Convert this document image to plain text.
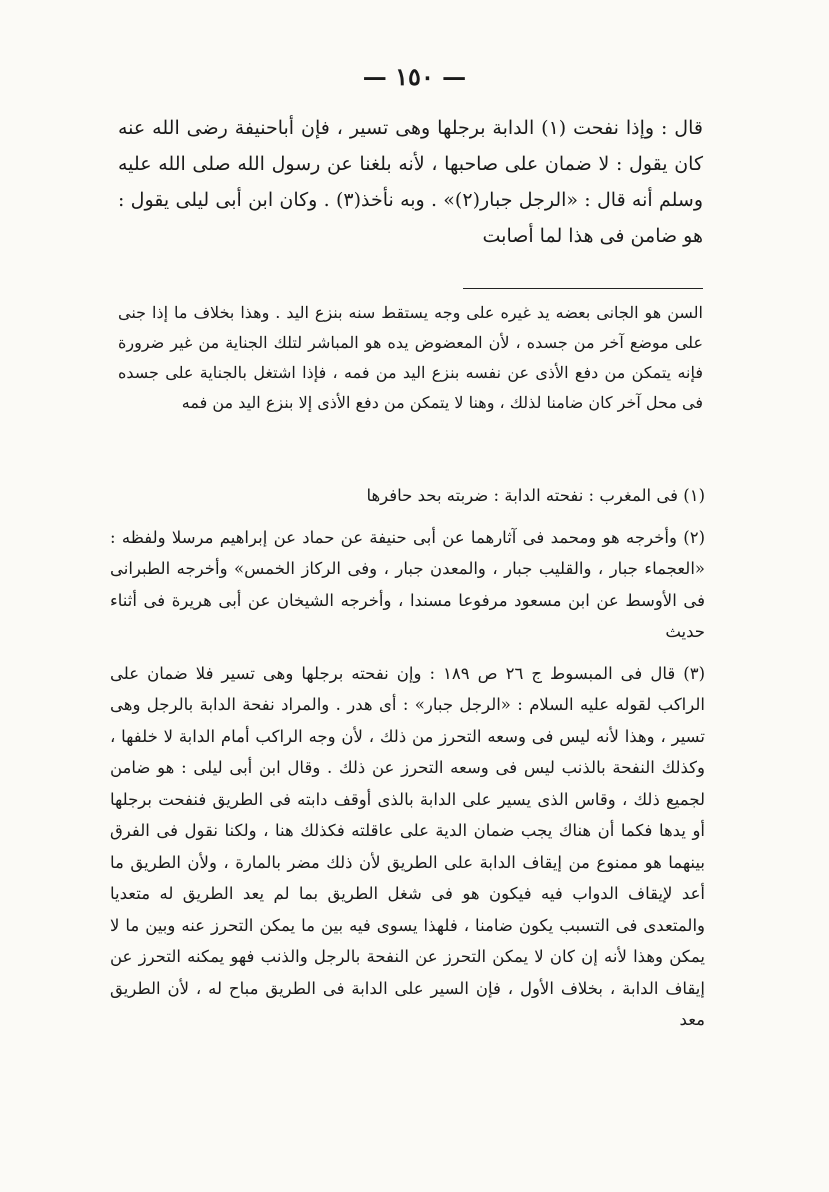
— ١٥٠ —

قال : وإذا نفحت (١) الدابة برجلها وهى تسير ، فإن أباحنيفة رضى الله عنه كان يقول : لا ضمان على صاحبها ، لأنه بلغنا عن رسول الله صلى الله عليه وسلم أنه قال : «الرجل جبار(٢)» . وبه نأخذ(٣) . وكان ابن أبى ليلى يقول : هو ضامن فى هذا لما أصابت

السن هو الجانى بعضه يد غيره على وجه يستقط سنه بنزع اليد . وهذا بخلاف ما إذا جنى على موضع آخر من جسده ، لأن المعضوض يده هو المباشر لتلك الجناية من غير ضرورة فإنه يتمكن من دفع الأذى عن نفسه بنزع اليد من فمه ، فإذا اشتغل بالجناية على جسده فى محل آخر كان ضامنا لذلك ، وهنا لا يتمكن من دفع الأذى إلا بنزع اليد من فمه

(١) فى المغرب : نفحته الدابة : ضربته بحد حافرها

(٢) وأخرجه هو ومحمد فى آثارهما عن أبى حنيفة عن حماد عن إبراهيم مرسلا ولفظه : «العجماء جبار ، والقليب جبار ، والمعدن جبار ، وفى الركاز الخمس» وأخرجه الطبرانى فى الأوسط عن ابن مسعود مرفوعا مسندا ، وأخرجه الشيخان عن أبى هريرة فى أثناء حديث

(٣) قال فى المبسوط ج ٢٦ ص ١٨٩ : وإن نفحته برجلها وهى تسير فلا ضمان على الراكب لقوله عليه السلام : «الرجل جبار» : أى هدر . والمراد نفحة الدابة بالرجل وهى تسير ، وهذا لأنه ليس فى وسعه التحرز من ذلك ، لأن وجه الراكب أمام الدابة لا خلفها ، وكذلك النفحة بالذنب ليس فى وسعه التحرز عن ذلك . وقال ابن أبى ليلى : هو ضامن لجميع ذلك ، وقاس الذى يسير على الدابة بالذى أوقف دابته فى الطريق فنفحت برجلها أو يدها فكما أن هناك يجب ضمان الدية على عاقلته فكذلك هنا ، ولكنا نقول فى الفرق بينهما هو ممنوع من إيقاف الدابة على الطريق لأن ذلك مضر بالمارة ، ولأن الطريق ما أعد لإيقاف الدواب فيه فيكون هو فى شغل الطريق بما لم يعد الطريق له متعديا والمتعدى فى التسبب يكون ضامنا ، فلهذا يسوى فيه بين ما يمكن التحرز عنه وبين ما لا يمكن وهذا لأنه إن كان لا يمكن التحرز عن النفحة بالرجل والذنب فهو يمكنه التحرز عن إيقاف الدابة ، بخلاف الأول ، فإن السير على الدابة فى الطريق مباح له ، لأن الطريق معد
